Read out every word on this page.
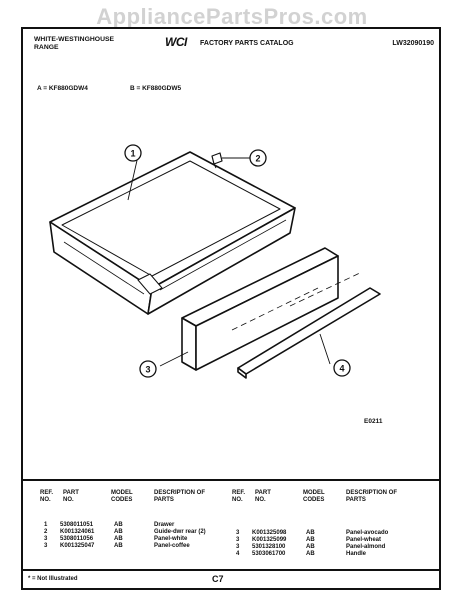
AppliancePartsPros.com
WHITE-WESTINGHOUSE
RANGE	WCI FACTORY PARTS CATALOG	LW32090190
A = KF880GDW4	B = KF880GDW5
1	2
3	4
E0211
REF. NO.
PART NO.
MODEL CODES
DESCRIPTION OF PARTS
1 5308011051	AB	Drawer
2 K001324061	AB	Guide-dwr rear (2)
3 5308011056	AB	Panel-white
3 K001325047	AB	Panel-coffee
REF. NO.
PART NO.
MODEL CODES
DESCRIPTION OF PARTS
3 K001325098	AB	Panel-avocado
3 K001325099	AB	Panel-wheat
3 5301328100	AB	Panel-almond
4 5303061700	AB	Handle
* = Not Illustrated	C7
